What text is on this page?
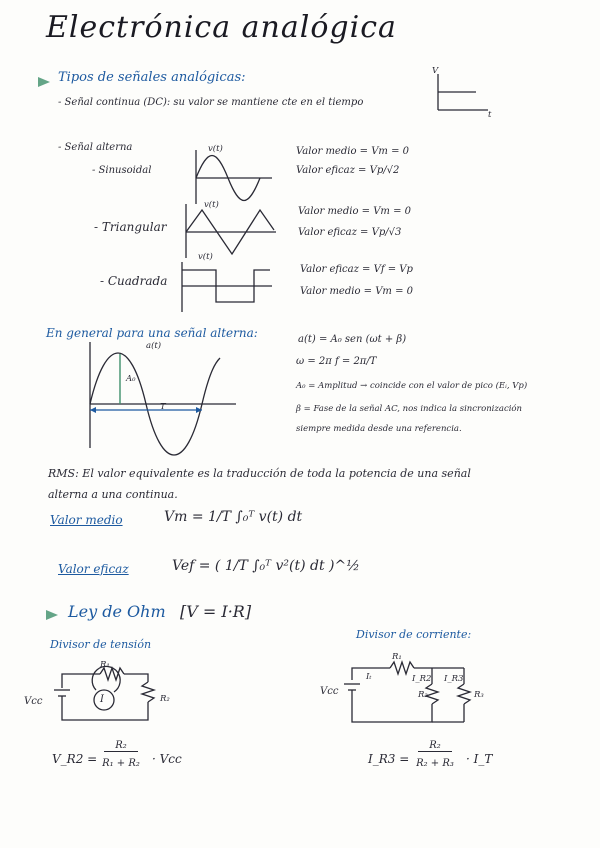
Electrónica analógica
Tipos de señales analógicas:
- Señal continua (DC): su valor se mantiene cte en el tiempo
V
t
- Señal alterna
- Sinusoidal
v(t)	Valor medio = Vm = 0
Valor eficaz = Vp/√2
- Triangular
v(t)
Valor medio = Vm = 0
Valor eficaz = Vp/√3
- Cuadrada
v(t)
Valor eficaz = Vf = Vp
Valor medio = Vm = 0
En general para una señal alterna:
a(t)
A₀
T
a(t) = A₀ sen (ωt + β)
ω = 2π f = 2π/T
A₀ = Amplitud → coincide con el valor de pico (Eᵢ, Vp)
β = Fase de la señal AC, nos indica la sincronización
siempre medida desde una referencia.
RMS: El valor equivalente es la traducción de toda la potencia de una señal
alterna a una continua.
Valor medio	Vm = 1/T ∫₀ᵀ v(t) dt
Valor eficaz	Vef = ( 1/T ∫₀ᵀ v²(t) dt )^½
Ley de Ohm [V = I·R]
Divisor de tensión
Divisor de corriente:
Vcc
R₁
R₂
I
Vcc
R₁
R₂	R₃
Iₜ	I_R2 I_R3
V_R2 =
R₂
R₁ + R₂	· Vcc	I_R3 =
R₂
R₂ + R₃	· I_T
